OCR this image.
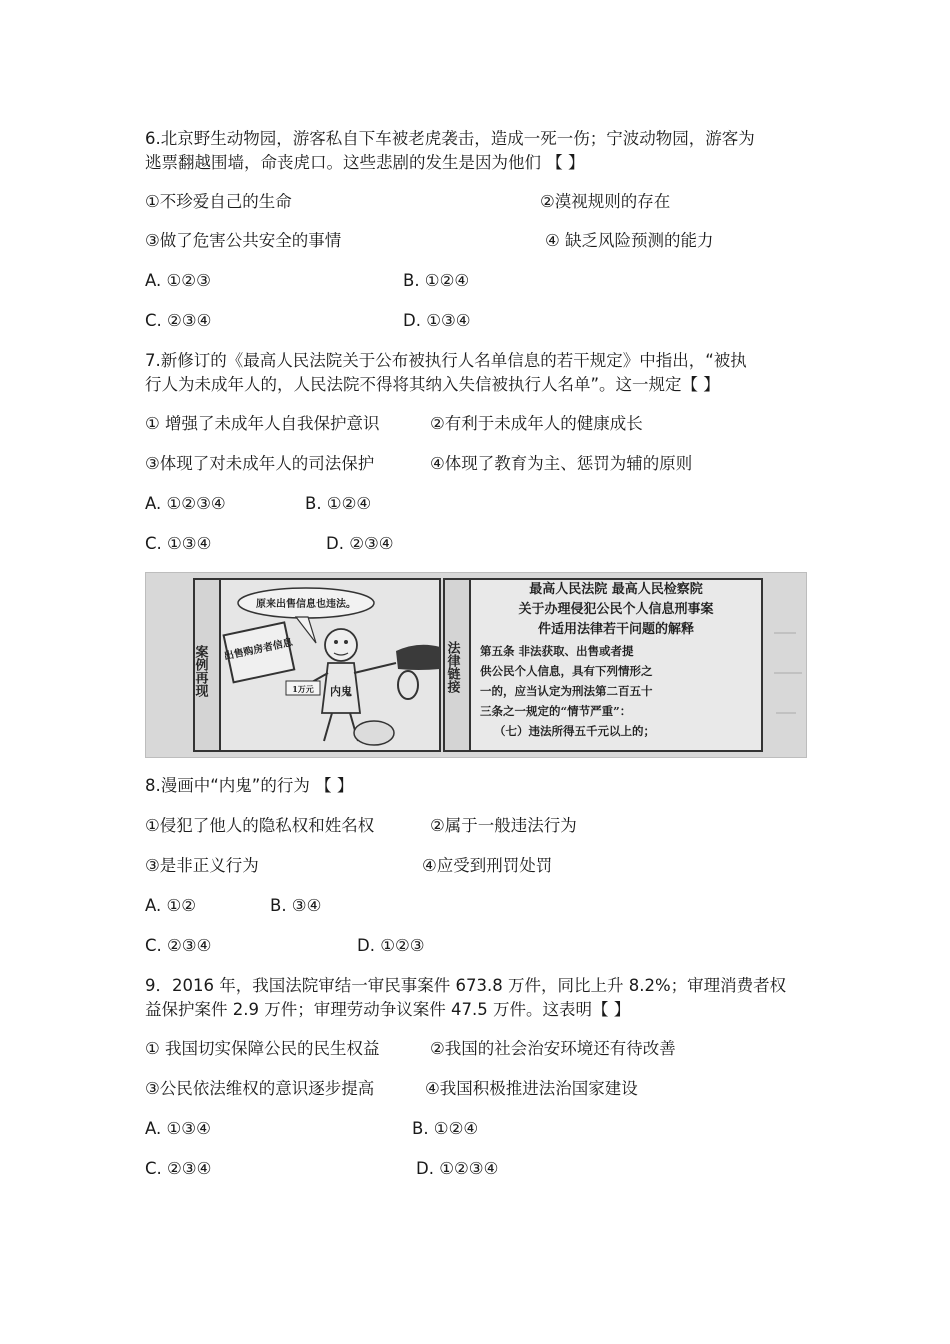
6.北京野生动物园，游客私自下车被老虎袭击，造成一死一伤；宁波动物园，游客为
逃票翻越围墙，命丧虎口。这些悲剧的发生是因为他们 【 】
①不珍爱自己的生命	②漠视规则的存在
③做了危害公共安全的事情	④ 缺乏风险预测的能力
A. ①②③	B. ①②④
C. ②③④	D. ①③④
7.新修订的《最高人民法院关于公布被执行人名单信息的若干规定》中指出，“被执
行人为未成年人的，人民法院不得将其纳入失信被执行人名单”。这一规定【 】
① 增强了未成年人自我保护意识	②有利于未成年人的健康成长
③体现了对未成年人的司法保护	④体现了教育为主、惩罚为辅的原则
A. ①②③④	B. ①②④
C. ①③④	D. ②③④
案例再现
原来出售信息也违法。
出售购房者信息
内鬼
1万元	法律链接
最高人民法院 最高人民检察院
关于办理侵犯公民个人信息刑事案
件适用法律若干问题的解释
第五条 非法获取、出售或者提
供公民个人信息，具有下列情形之
一的，应当认定为刑法第二百五十
三条之一规定的“情节严重”：
（七）违法所得五千元以上的；
8.漫画中“内鬼”的行为 【 】
①侵犯了他人的隐私权和姓名权	②属于一般违法行为
③是非正义行为	④应受到刑罚处罚
A. ①②	B. ③④
C. ②③④	D. ①②③
9．2016 年，我国法院审结一审民事案件 673.8 万件，同比上升 8.2%；审理消费者权
益保护案件 2.9 万件；审理劳动争议案件 47.5 万件。这表明【 】
① 我国切实保障公民的民生权益	②我国的社会治安环境还有待改善
③公民依法维权的意识逐步提高	④我国积极推进法治国家建设
A. ①③④	B. ①②④
C. ②③④	D. ①②③④
